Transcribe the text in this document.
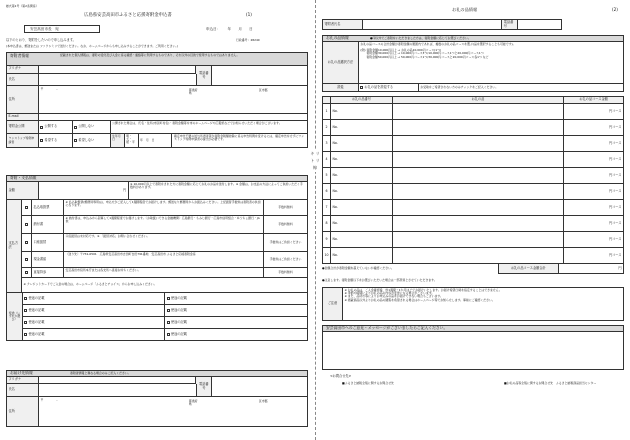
キ リ ト リ 線
様式第1号（第2条関係）
広島県安芸高田市ふるさと応援寄附金申込書	(1)
安芸高田市長　宛	申込日：　　年　　月　　日
以下のとおり、寄附をしたいので申し込みます。	行政番号：28240
(本申込書は、郵送または ファクシミリで送付ください。なお、ホームページからも申し込みすることができます。ご利用ください。)
寄附者情報	記載された個人情報は、寄附の受付及び入金に係る確認・連絡等に利用するものであり、それ以外の目的で使用するものではありません。
フリガナ
電話番号
氏名
住所
〒　　　　-	都道府県
区市郡
E-mail
寄附金公開	公開する	公開しない
公開された場合は、氏名・住所(市区町村名)・寄附金額等を市のホームページや広報紙などでお知らせいただく場合がございます。
ワンストップ特例申請書	希望する	希望しない
生年月日
明・大・昭・平
年　月　日
確定申告不要の給与所得者等が寄附金税額控除に係る申告特例を受けるには、確定申告をせずにワンストップ特例申請書の提出が必要です。
寄附・支払情報
金額	円
※ 10,000円以上で寄附をされた方に寄附金額に応じてお礼のお品を送付します。※ 金額は、お支払の方法によってご負担いただく手数料があります。
支払方法
払込取扱票
※ 払込取扱票(郵便局専用)は、申込方がご記入して1週間程度でお届けします。郵送なり郵便局からお振込みください。上記振替手数料は寄附者の負担になります。	手数料無料
納付書
※ 納付書は、申込みから起算して1週間程度でお届けします。〈お取扱いできる金融機関〉広島銀行・もみじ銀行・広島市信用組合・ゆうちょ銀行・JA 他
手数料無料
口座振替
口座振替は未対応です。※ 「振替対応」お問い合わせください。
手数料はご負担ください
現金書留
〈送り先〉〒731-0501　広島県安芸高田市吉田町吉田791番地　安芸高田市 ふるさと応援寄附金係
手数料はご負担ください
直接持参	安芸高田市役所本庁または各支所へ直接お持ちください。
手数料無料
※ クレジットカードでご入金の場合は、ホームページ「ふるさとチョイス」からお申し込みください。
使途〈いずれか選び〉
使途の記載	使途の記載
使途の記載	使途の記載
使途の記載	使途の記載
使途の記載	使途の記載
お届け先情報	寄附者情報と異なる場合のみご記入ください。
フリガナ
電話番号
氏名
住所
〒　　　　-	都道府県
区市郡
お礼の品情報	(2)
寄附者氏名	電話番号
お礼の品情報	●印以外でご寄附をいただきました方は、寄附金額に応じてお選びください。
お礼の品選択方法
お礼の品コースの合計金額が寄附金額の範囲内であれば、複数のお礼の品コースを選ぶ(品を選択することも可能です)。
(例) 寄附金額10,000円以上 → お礼の品10,000円コース(1つ)
寄附金額30,000円以上 → 10,000円コース3つ/10,000円コース1つと20,000円コース1つ
寄附金額50,000円以上 → 50,000円コース1つ/30,000円コースと20,000円コース各1つ など
辞退	お礼の品を辞退する	お受取をご希望されない方のみチェックをご記入ください。
お礼の品番号	お礼の品	お礼の品コース金額
1	No.	円コース
2	No.	円コース
3	No.	円コース
4	No.	円コース
5	No.	円コース
6	No.	円コース
7	No.	円コース
8	No.	円コース
9	No.	円コース
10	No.	円コース
●金額合計が寄附金額を超えていないか確認ください。	お礼の品コース金額合計	円
●注意します。寄附金額以下をお選びいただいた場合は一部辞退とさせていただきます。
ご注意
※ お礼の品は、ご入金確認後、約1週間～1か月ほどでお届けいたします。お届け希望日時を指定することはできません。
※ 季節や時期によりお礼の品の内容が変更になる場合がございます。
※ また、品切れ等によりお申込みの品をお届けできない場合もございます。
※ 掲載商品以外よりお礼の品の閲覧を希望される場合はホームページ等でお知らせします。事前にご確認ください。
安芸高田市へのご意見・メッセージがございましたらご記入ください。
<お問合せ先>
■ふるさと納税全般に関するお問合せ先	■お礼の品等全般に関するお問合せ先　ふるさと納税商品担当センター
